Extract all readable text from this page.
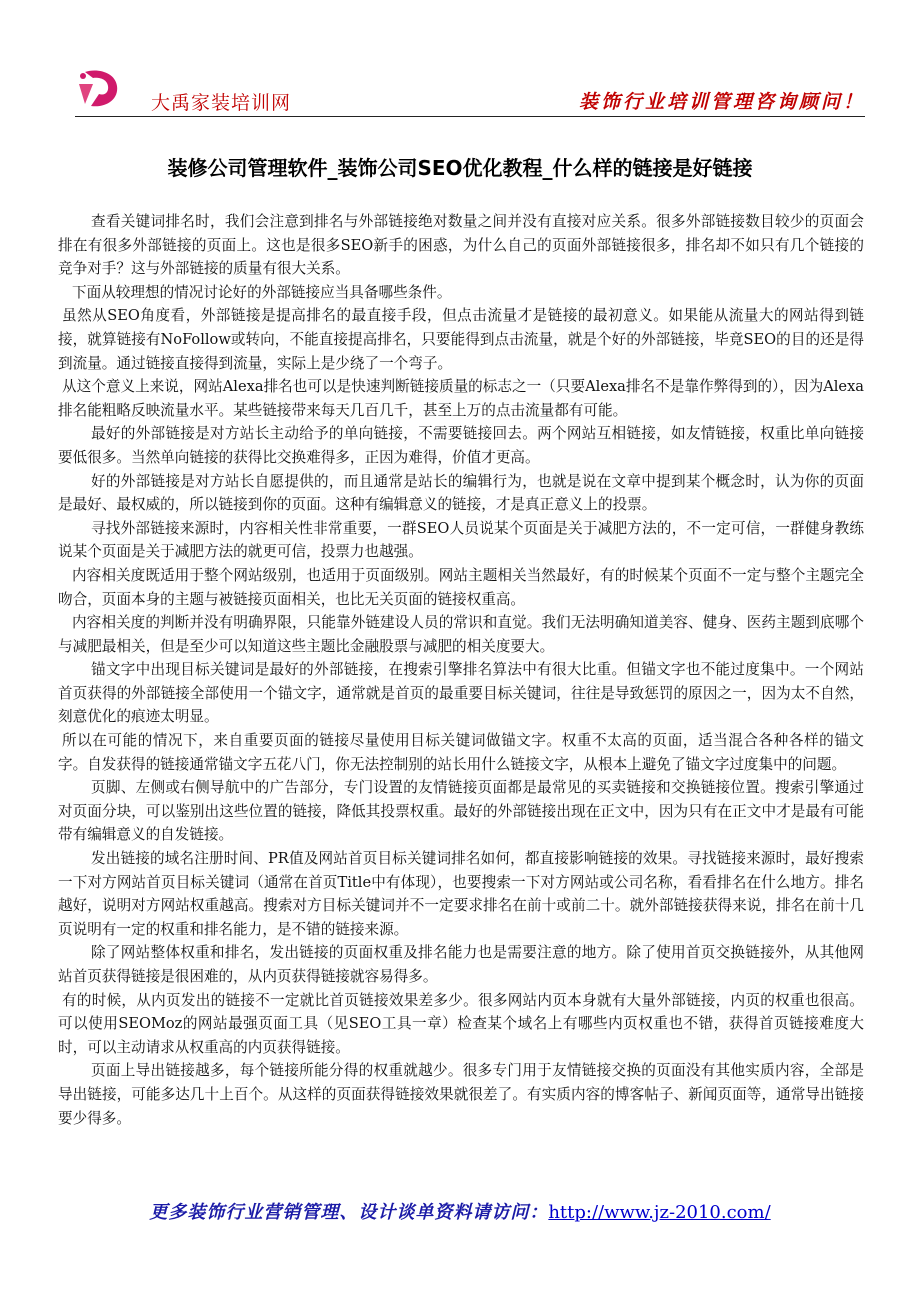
大禹家装培训网	装饰行业培训管理咨询顾问！
装修公司管理软件_装饰公司SEO优化教程_什么样的链接是好链接

查看关键词排名时，我们会注意到排名与外部链接绝对数量之间并没有直接对应关系。很多外部链接数目较少的页面会排在有很多外部链接的页面上。这也是很多SEO新手的困惑，为什么自己的页面外部链接很多，排名却不如只有几个链接的竞争对手？这与外部链接的质量有很大关系。

下面从较理想的情况讨论好的外部链接应当具备哪些条件。

虽然从SEO角度看，外部链接是提高排名的最直接手段，但点击流量才是链接的最初意义。如果能从流量大的网站得到链接，就算链接有NoFollow或转向，不能直接提高排名，只要能得到点击流量，就是个好的外部链接，毕竟SEO的目的还是得到流量。通过链接直接得到流量，实际上是少绕了一个弯子。

从这个意义上来说，网站Alexa排名也可以是快速判断链接质量的标志之一（只要Alexa排名不是靠作弊得到的），因为Alexa排名能粗略反映流量水平。某些链接带来每天几百几千，甚至上万的点击流量都有可能。

最好的外部链接是对方站长主动给予的单向链接，不需要链接回去。两个网站互相链接，如友情链接，权重比单向链接要低很多。当然单向链接的获得比交换难得多，正因为难得，价值才更高。

好的外部链接是对方站长自愿提供的，而且通常是站长的编辑行为，也就是说在文章中提到某个概念时，认为你的页面是最好、最权威的，所以链接到你的页面。这种有编辑意义的链接，才是真正意义上的投票。

寻找外部链接来源时，内容相关性非常重要，一群SEO人员说某个页面是关于减肥方法的，不一定可信，一群健身教练说某个页面是关于减肥方法的就更可信，投票力也越强。

内容相关度既适用于整个网站级别，也适用于页面级别。网站主题相关当然最好，有的时候某个页面不一定与整个主题完全吻合，页面本身的主题与被链接页面相关，也比无关页面的链接权重高。

内容相关度的判断并没有明确界限，只能靠外链建设人员的常识和直觉。我们无法明确知道美容、健身、医药主题到底哪个与减肥最相关，但是至少可以知道这些主题比金融股票与减肥的相关度要大。

锚文字中出现目标关键词是最好的外部链接，在搜索引擎排名算法中有很大比重。但锚文字也不能过度集中。一个网站首页获得的外部链接全部使用一个锚文字，通常就是首页的最重要目标关键词，往往是导致惩罚的原因之一，因为太不自然，刻意优化的痕迹太明显。

所以在可能的情况下，来自重要页面的链接尽量使用目标关键词做锚文字。权重不太高的页面，适当混合各种各样的锚文字。自发获得的链接通常锚文字五花八门，你无法控制别的站长用什么链接文字，从根本上避免了锚文字过度集中的问题。

页脚、左侧或右侧导航中的广告部分，专门设置的友情链接页面都是最常见的买卖链接和交换链接位置。搜索引擎通过对页面分块，可以鉴别出这些位置的链接，降低其投票权重。最好的外部链接出现在正文中，因为只有在正文中才是最有可能带有编辑意义的自发链接。

发出链接的域名注册时间、PR值及网站首页目标关键词排名如何，都直接影响链接的效果。寻找链接来源时，最好搜索一下对方网站首页目标关键词（通常在首页Title中有体现），也要搜索一下对方网站或公司名称，看看排名在什么地方。排名越好，说明对方网站权重越高。搜索对方目标关键词并不一定要求排名在前十或前二十。就外部链接获得来说，排名在前十几页说明有一定的权重和排名能力，是不错的链接来源。

除了网站整体权重和排名，发出链接的页面权重及排名能力也是需要注意的地方。除了使用首页交换链接外，从其他网站首页获得链接是很困难的，从内页获得链接就容易得多。

有的时候，从内页发出的链接不一定就比首页链接效果差多少。很多网站内页本身就有大量外部链接，内页的权重也很高。可以使用SEOMoz的网站最强页面工具（见SEO工具一章）检查某个域名上有哪些内页权重也不错，获得首页链接难度大时，可以主动请求从权重高的内页获得链接。

页面上导出链接越多，每个链接所能分得的权重就越少。很多专门用于友情链接交换的页面没有其他实质内容，全部是导出链接，可能多达几十上百个。从这样的页面获得链接效果就很差了。有实质内容的博客帖子、新闻页面等，通常导出链接要少得多。

更多装饰行业营销管理、设计谈单资料请访问：http://www.jz-2010.com/
